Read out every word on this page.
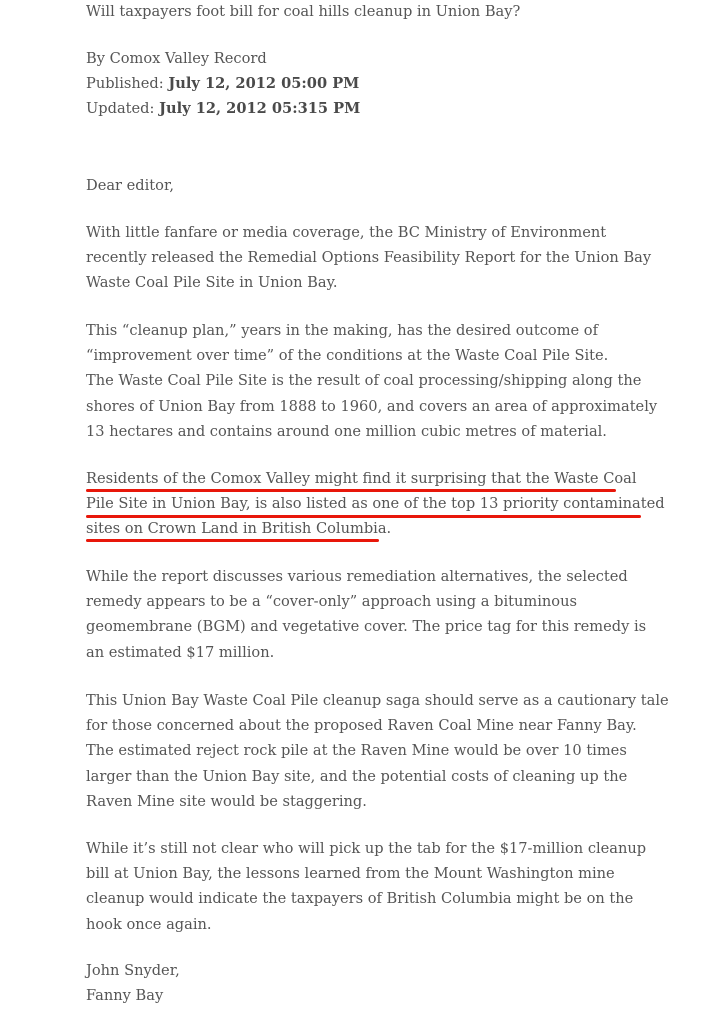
Will taxpayers foot bill for coal hills cleanup in Union Bay?
By Comox Valley Record
Published: July 12, 2012 05:00 PM
Updated: July 12, 2012 05:315 PM
Dear editor,
With little fanfare or media coverage, the BC Ministry of Environment
recently released the Remedial Options Feasibility Report for the Union Bay
Waste Coal Pile Site in Union Bay.
This “cleanup plan,” years in the making, has the desired outcome of
“improvement over time” of the conditions at the Waste Coal Pile Site.
The Waste Coal Pile Site is the result of coal processing/shipping along the
shores of Union Bay from 1888 to 1960, and covers an area of approximately
13 hectares and contains around one million cubic metres of material.
Residents of the Comox Valley might find it surprising that the Waste Coal
Pile Site in Union Bay, is also listed as one of the top 13 priority contaminated
sites on Crown Land in British Columbia.
While the report discusses various remediation alternatives, the selected
remedy appears to be a “cover-only” approach using a bituminous
geomembrane (BGM) and vegetative cover. The price tag for this remedy is
an estimated $17 million.
This Union Bay Waste Coal Pile cleanup saga should serve as a cautionary tale
for those concerned about the proposed Raven Coal Mine near Fanny Bay.
The estimated reject rock pile at the Raven Mine would be over 10 times
larger than the Union Bay site, and the potential costs of cleaning up the
Raven Mine site would be staggering.
While it’s still not clear who will pick up the tab for the $17-million cleanup
bill at Union Bay, the lessons learned from the Mount Washington mine
cleanup would indicate the taxpayers of British Columbia might be on the
hook once again.
John Snyder,
Fanny Bay
